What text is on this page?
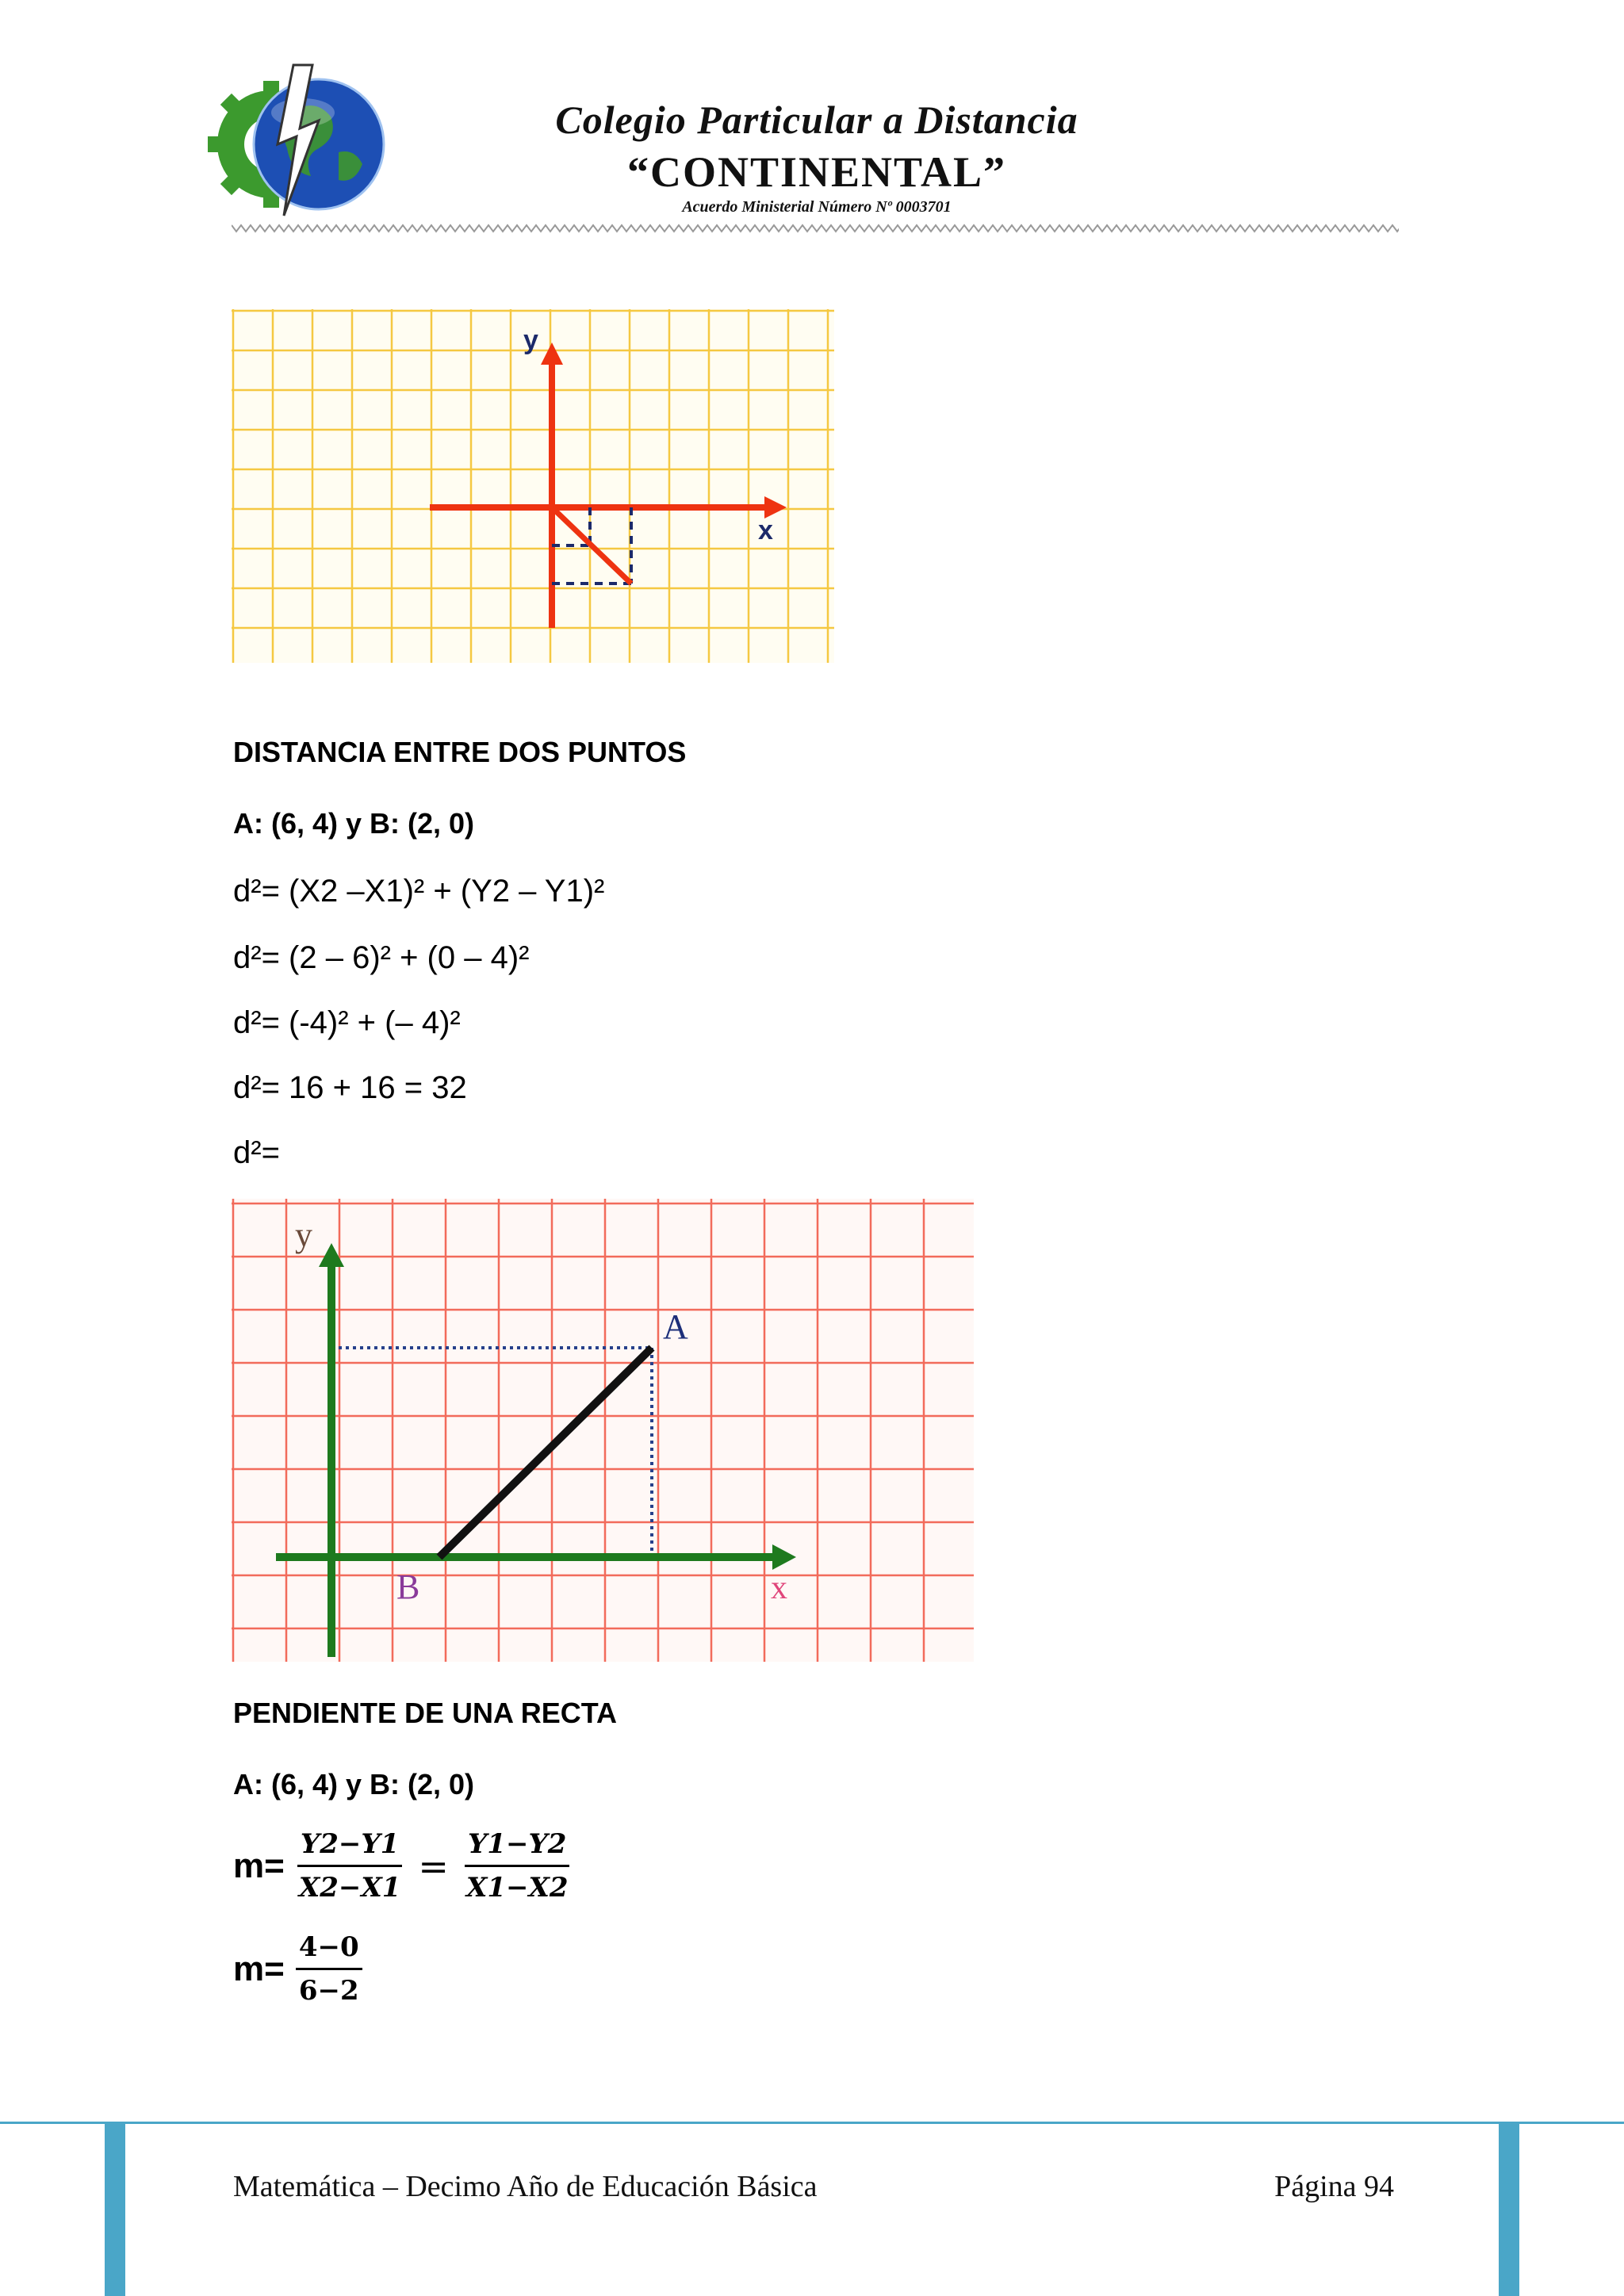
Colegio Particular a Distancia
“CONTINENTAL”
Acuerdo Ministerial Número Nº 0003701
y
x
DISTANCIA ENTRE DOS PUNTOS
A: (6, 4) y B: (2, 0)
d²= (X2 –X1)² + (Y2 – Y1)²
d²= (2 – 6)² + (0 – 4)²
d²= (-4)² + (– 4)²
d²= 16 + 16 = 32
d²=
y
x
A
B
PENDIENTE DE UNA RECTA
A: (6, 4) y B: (2, 0)
$m= \frac{Y2-Y1}{X2-X1} = \frac{Y1-Y2}{X1-X2}$
$m= \frac{4-0}{6-2}$
Matemática – Decimo Año de Educación Básica	Página 94
